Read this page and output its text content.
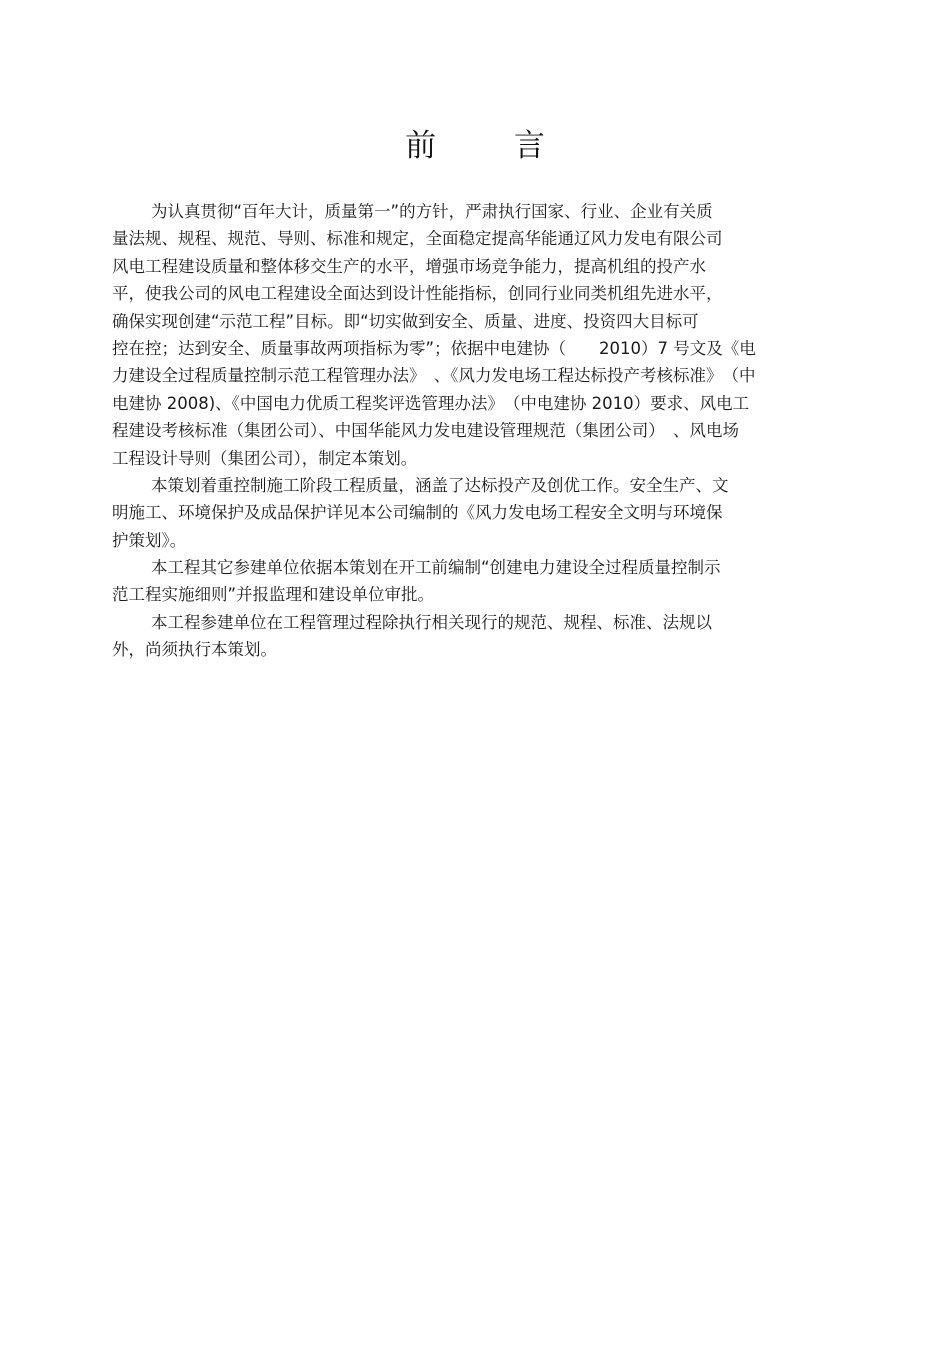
前 言
为认真贯彻“百年大计，质量第一”的方针，严肃执行国家、行业、企业有关质
量法规、规程、规范、导则、标准和规定，全面稳定提高华能通辽风力发电有限公司
风电工程建设质量和整体移交生产的水平，增强市场竞争能力，提高机组的投产水
平，使我公司的风电工程建设全面达到设计性能指标，创同行业同类机组先进水平，
确保实现创建“示范工程”目标。即“切实做到安全、质量、进度、投资四大目标可
控在控；达到安全、质量事故两项指标为零”；依据中电建协（　　2010）7 号文及《电
力建设全过程质量控制示范工程管理办法》　、《风力发电场工程达标投产考核标准》　（中
电建协 2008)、《中国电力优质工程奖评选管理办法》　（中电建协 2010）要求、风电工
程建设考核标准（集团公司）、中国华能风力发电建设管理规范（集团公司）　、风电场
工程设计导则（集团公司），制定本策划。
本策划着重控制施工阶段工程质量，涵盖了达标投产及创优工作。安全生产、文
明施工、环境保护及成品保护详见本公司编制的《风力发电场工程安全文明与环境保
护策划》。
本工程其它参建单位依据本策划在开工前编制“创建电力建设全过程质量控制示
范工程实施细则”并报监理和建设单位审批。
本工程参建单位在工程管理过程除执行相关现行的规范、规程、标准、法规以
外，尚须执行本策划。
